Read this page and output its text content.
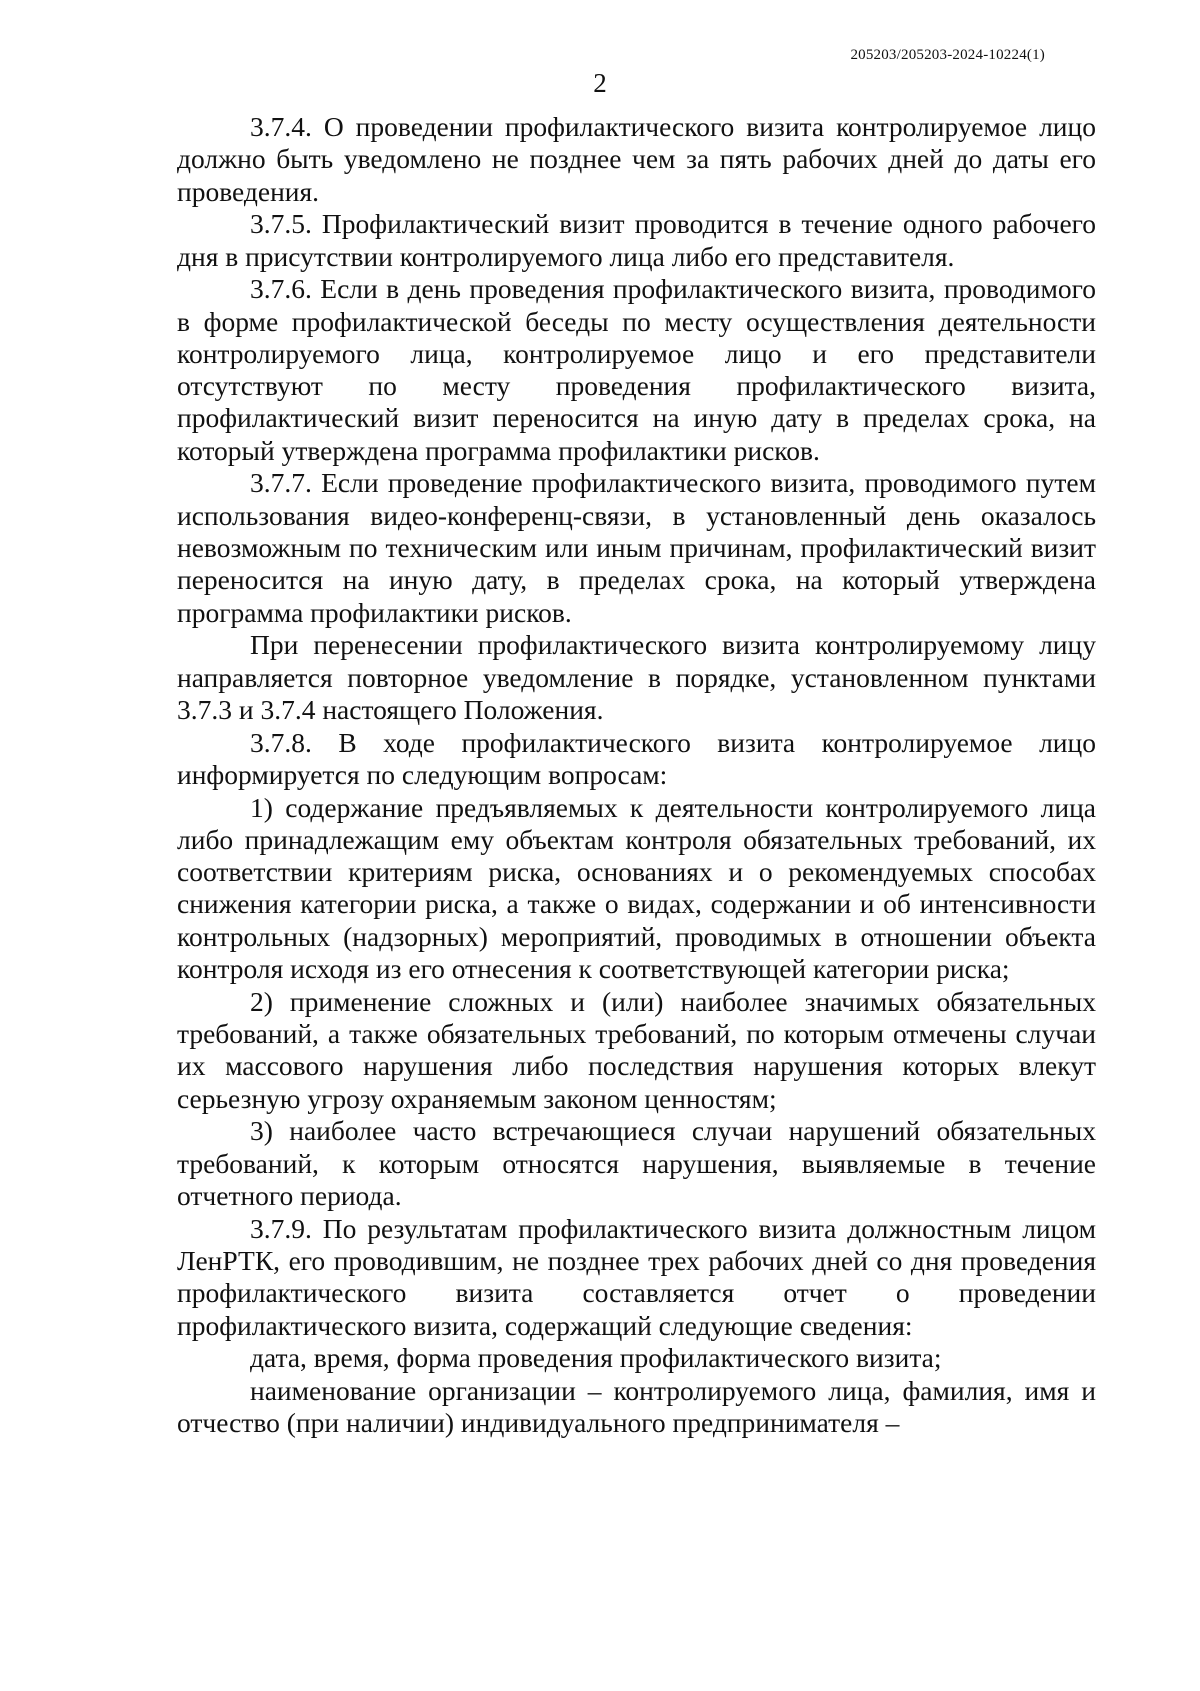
205203/205203-2024-10224(1)
2

3.7.4. О проведении профилактического визита контролируемое лицо должно быть уведомлено не позднее чем за пять рабочих дней до даты его проведения.

3.7.5. Профилактический визит проводится в течение одного рабочего дня в присутствии контролируемого лица либо его представителя.

3.7.6. Если в день проведения профилактического визита, проводимого в форме профилактической беседы по месту осуществления деятельности контролируемого лица, контролируемое лицо и его представители отсутствуют по месту проведения профилактического визита, профилактический визит переносится на иную дату в пределах срока, на который утверждена программа профилактики рисков.

3.7.7. Если проведение профилактического визита, проводимого путем использования видео-конференц-связи, в установленный день оказалось невозможным по техническим или иным причинам, профилактический визит переносится на иную дату, в пределах срока, на который утверждена программа профилактики рисков.

При перенесении профилактического визита контролируемому лицу направляется повторное уведомление в порядке, установленном пунктами 3.7.3 и 3.7.4 настоящего Положения.

3.7.8. В ходе профилактического визита контролируемое лицо информируется по следующим вопросам:

1) содержание предъявляемых к деятельности контролируемого лица либо принадлежащим ему объектам контроля обязательных требований, их соответствии критериям риска, основаниях и о рекомендуемых способах снижения категории риска, а также о видах, содержании и об интенсивности контрольных (надзорных) мероприятий, проводимых в отношении объекта контроля исходя из его отнесения к соответствующей категории риска;

2) применение сложных и (или) наиболее значимых обязательных требований, а также обязательных требований, по которым отмечены случаи их массового нарушения либо последствия нарушения которых влекут серьезную угрозу охраняемым законом ценностям;

3) наиболее часто встречающиеся случаи нарушений обязательных требований, к которым относятся нарушения, выявляемые в течение отчетного периода.

3.7.9. По результатам профилактического визита должностным лицом ЛенРТК, его проводившим, не позднее трех рабочих дней со дня проведения профилактического визита составляется отчет о проведении профилактического визита, содержащий следующие сведения:

дата, время, форма проведения профилактического визита;

наименование организации – контролируемого лица, фамилия, имя и отчество (при наличии) индивидуального предпринимателя –
